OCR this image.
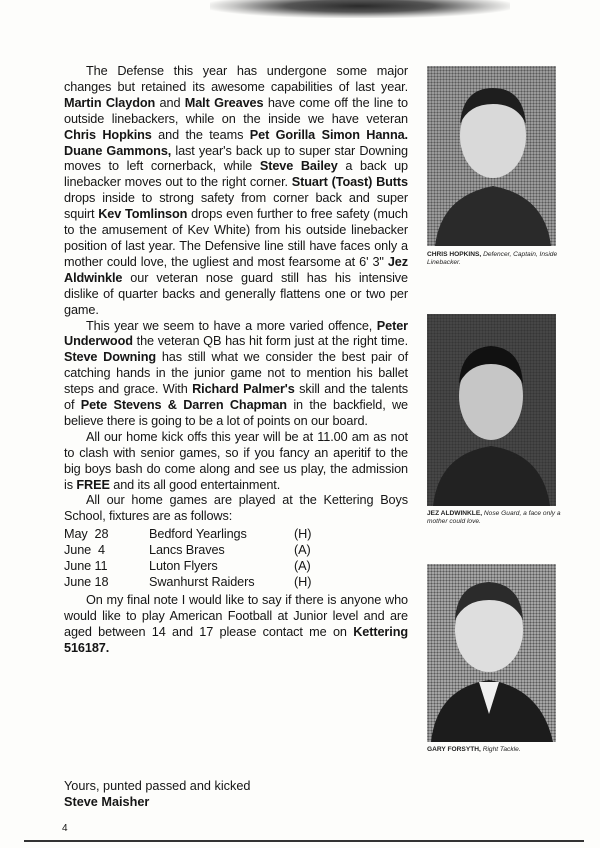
The Defense this year has undergone some major changes but retained its awesome capabilities of last year. Martin Claydon and Malt Greaves have come off the line to outside linebackers, while on the inside we have veteran Chris Hopkins and the teams Pet Gorilla Simon Hanna. Duane Gammons, last year's back up to super star Downing moves to left cornerback, while Steve Bailey a back up linebacker moves out to the right corner. Stuart (Toast) Butts drops inside to strong safety from corner back and super squirt Kev Tomlinson drops even further to free safety (much to the amusement of Kev White) from his outside linebacker position of last year. The Defensive line still have faces only a mother could love, the ugliest and most fearsome at 6' 3" Jez Aldwinkle our veteran nose guard still has his intensive dislike of quarter backs and generally flattens one or two per game.

This year we seem to have a more varied offence, Peter Underwood the veteran QB has hit form just at the right time. Steve Downing has still what we consider the best pair of catching hands in the junior game not to mention his ballet steps and grace. With Richard Palmer's skill and the talents of Pete Stevens & Darren Chapman in the backfield, we believe there is going to be a lot of points on our board.

All our home kick offs this year will be at 11.00 am as not to clash with senior games, so if you fancy an aperitif to the big boys bash do come along and see us play, the admission is FREE and its all good entertainment.

All our home games are played at the Kettering Boys School, fixtures are as follows:

May  28	Bedford Yearlings	(H)
June  4	Lancs Braves	(A)
June 11	Luton Flyers	(A)
June 18	Swanhurst Raiders	(H)

On my final note I would like to say if there is anyone who would like to play American Football at Junior level and are aged between 14 and 17 please contact me on Kettering 516187.

Yours, punted passed and kicked
Steve Maisher
4
CHRIS HOPKINS, Defencer, Captain, Inside Linebacker.
JEZ ALDWINKLE, Nose Guard, a face only a mother could love.
GARY FORSYTH, Right Tackle.
